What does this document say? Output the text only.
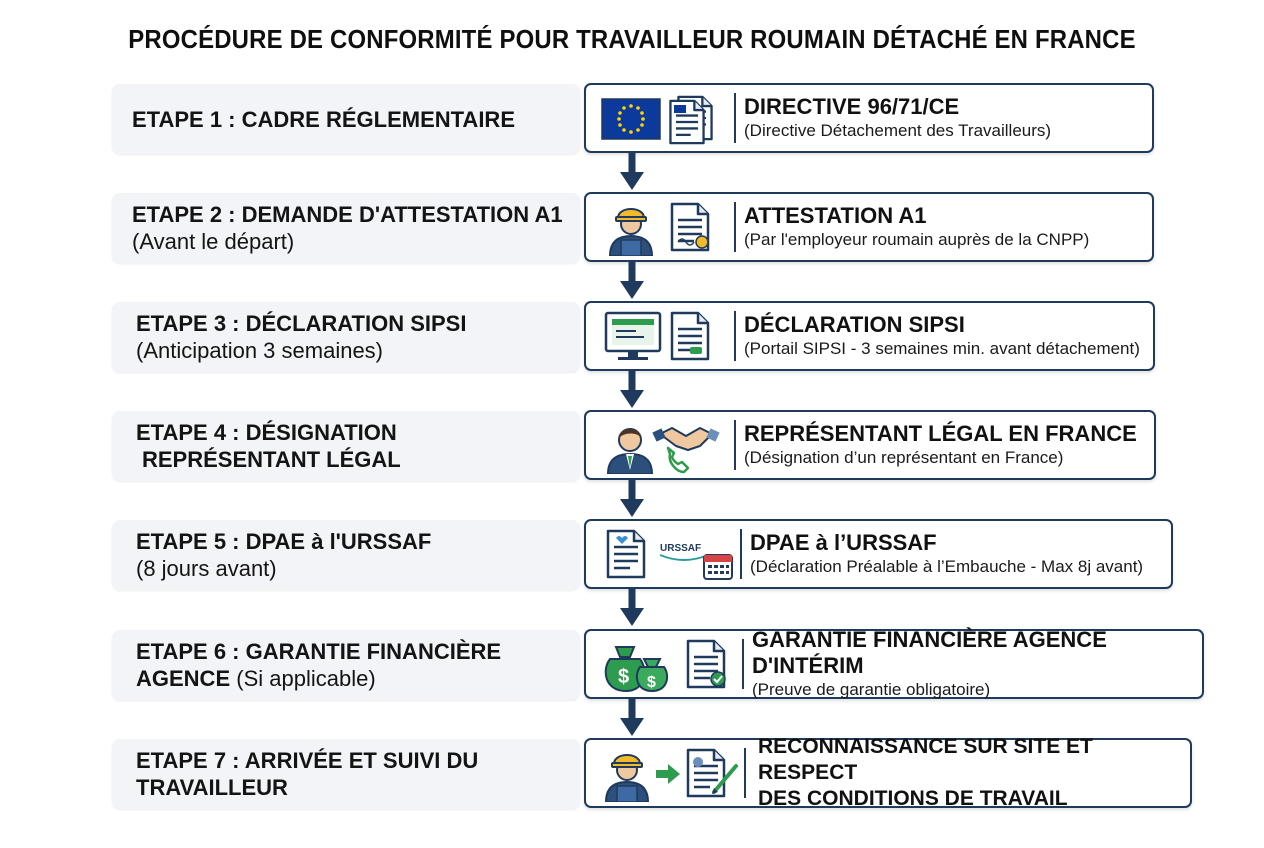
PROCÉDURE DE CONFORMITÉ POUR TRAVAILLEUR ROUMAIN DÉTACHÉ EN FRANCE
ETAPE 1 : CADRE RÉGLEMENTAIRE	DIRECTIVE 96/71/CE
(Directive Détachement des Travailleurs)
ETAPE 2 : DEMANDE D'ATTESTATION A1
(Avant le départ)
ATTESTATION A1
(Par l'employeur roumain auprès de la CNPP)
ETAPE 3 : DÉCLARATION SIPSI
(Anticipation 3 semaines)
DÉCLARATION SIPSI
(Portail SIPSI - 3 semaines min. avant détachement)
ETAPE 4 : DÉSIGNATION
REPRÉSENTANT LÉGAL
REPRÉSENTANT LÉGAL EN FRANCE
(Désignation d’un représentant en France)
ETAPE 5 : DPAE à l'URSSAF
(8 jours avant)
URSSAF DPAE à l’URSSAF
(Déclaration Préalable à l’Embauche - Max 8j avant)
ETAPE 6 : GARANTIE FINANCIÈRE
AGENCE (Si applicable)	$ $
GARANTIE FINANCIÈRE AGENCE D'INTÉRIM
(Preuve de garantie obligatoire)
ETAPE 7 : ARRIVÉE ET SUIVI DU
TRAVAILLEUR
RECONNAISSANCE SUR SITE ET RESPECT
DES CONDITIONS DE TRAVAIL
